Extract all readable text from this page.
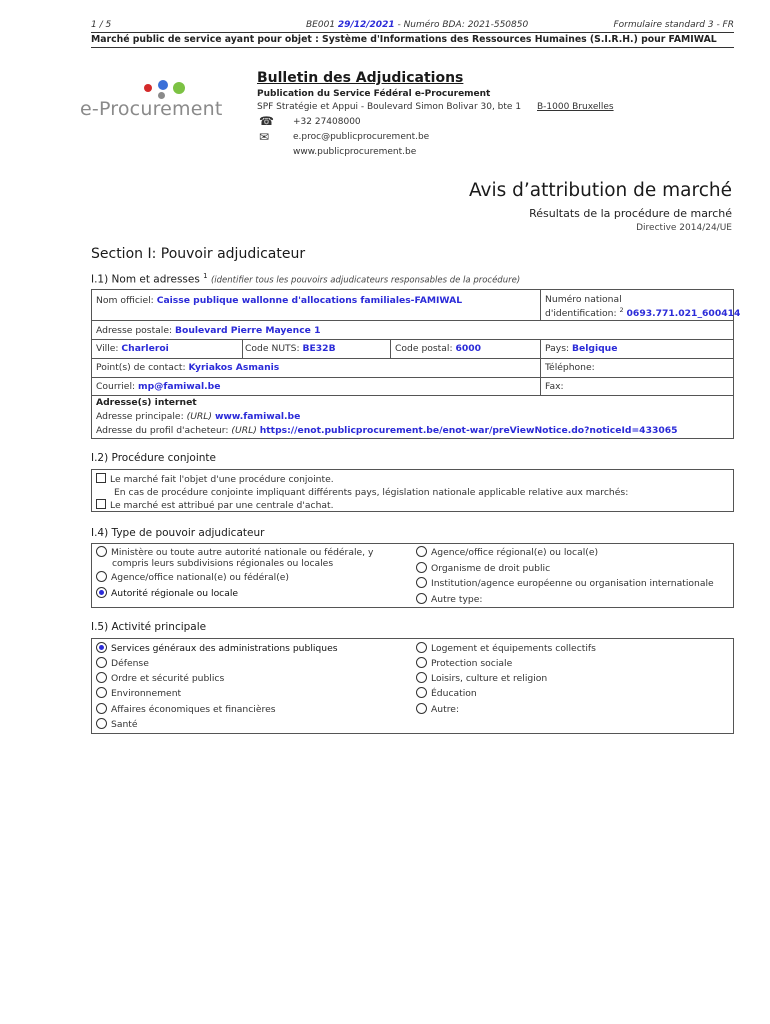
1 / 5	BE001 29/12/2021 - Numéro BDA: 2021-550850	Formulaire standard 3 - FR
Marché public de service ayant pour objet : Système d'Informations des Ressources Humaines (S.I.R.H.) pour FAMIWAL
e-Procurement
Bulletin des Adjudications
Publication du Service Fédéral e-Procurement
SPF Stratégie et Appui - Boulevard Simon Bolivar 30, bte 1 B-1000 Bruxelles
☎ +32 27408000
✉	e.proc@publicprocurement.be
www.publicprocurement.be
Avis d’attribution de marché
Résultats de la procédure de marché
Directive 2014/24/UE
Section I: Pouvoir adjudicateur
I.1) Nom et adresses $^1$ (identifier tous les pouvoirs adjudicateurs responsables de la procédure)
Nom officiel: Caisse publique wallonne d'allocations familiales-FAMIWAL	Numéro national
d'identification: $^2$ 0693.771.021_600414
Adresse postale: Boulevard Pierre Mayence 1
Ville: Charleroi	Code NUTS: BE32B	Code postal: 6000	Pays: Belgique
Point(s) de contact: Kyriakos Asmanis	Téléphone:
Courriel: mp@famiwal.be	Fax:
Adresse(s) internet
Adresse principale: (URL) www.famiwal.be
Adresse du profil d'acheteur: (URL) https://enot.publicprocurement.be/enot-war/preViewNotice.do?noticeId=433065
I.2) Procédure conjointe
Le marché fait l'objet d'une procédure conjointe.
En cas de procédure conjointe impliquant différents pays, législation nationale applicable relative aux marchés:
Le marché est attribué par une centrale d'achat.
I.4) Type de pouvoir adjudicateur
Ministère ou toute autre autorité nationale ou fédérale, y
compris leurs subdivisions régionales ou locales
Agence/office national(e) ou fédéral(e)
Autorité régionale ou locale
Agence/office régional(e) ou local(e)
Organisme de droit public
Institution/agence européenne ou organisation internationale
Autre type:
I.5) Activité principale
Services généraux des administrations publiques
Défense
Ordre et sécurité publics
Environnement
Affaires économiques et financières
Santé
Logement et équipements collectifs
Protection sociale
Loisirs, culture et religion
Éducation
Autre:
